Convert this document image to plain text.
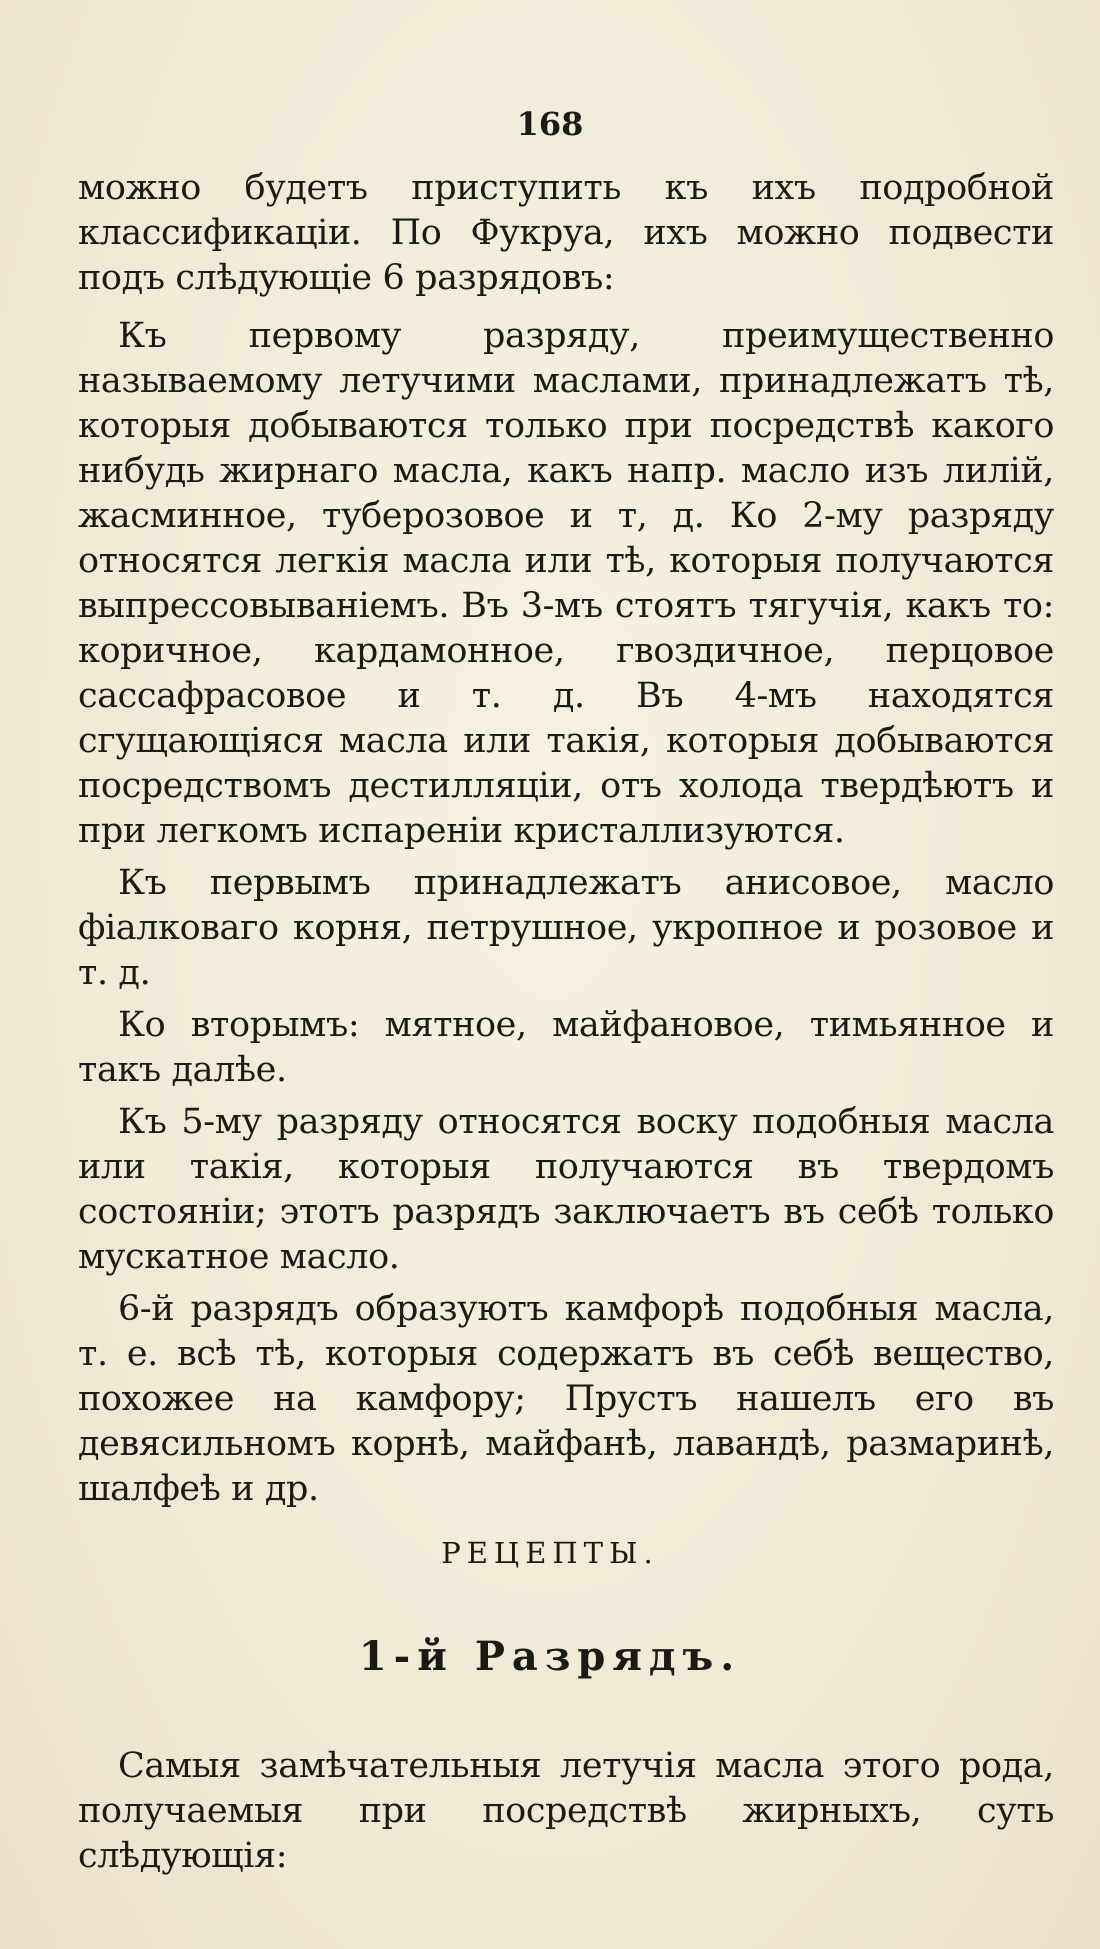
168

можно будетъ приступить къ ихъ подробной классификаціи. По Фукруа, ихъ можно подвести подъ слѣдующіе 6 разрядовъ:

Къ первому разряду, преимущественно называемому летучими маслами, принадлежатъ тѣ, которыя добываются только при посредствѣ какого нибудь жирнаго масла, какъ напр. масло изъ лилій, жасминное, туберозовое и т, д. Ко 2-му разряду относятся легкія масла или тѣ, которыя получаются выпрессовываніемъ. Въ 3-мъ стоятъ тягучія, какъ то: коричное, кардамонное, гвоздичное, перцовое сассафрасовое и т. д. Въ 4-мъ находятся сгущающіяся масла или такія, которыя добываются посредствомъ дестилляціи, отъ холода твердѣютъ и при легкомъ испареніи кристаллизуются.

Къ первымъ принадлежатъ анисовое, масло фіалковаго корня, петрушное, укропное и розовое и т. д.

Ко вторымъ: мятное, майфановое, тимьянное и такъ далѣе.

Къ 5-му разряду относятся воску подобныя масла или такія, которыя получаются въ твердомъ состояніи; этотъ разрядъ заключаетъ въ себѣ только мускатное масло.

6-й разрядъ образуютъ камфорѣ подобныя масла, т. е. всѣ тѣ, которыя содержатъ въ себѣ вещество, похожее на камфору; Прустъ нашелъ его въ девясильномъ корнѣ, майфанѣ, лавандѣ, размаринѣ, шалфеѣ и др.

РЕЦЕПТЫ.
1-й Разрядъ.

Самыя замѣчательныя летучія масла этого рода, получаемыя при посредствѣ жирныхъ, суть слѣдующія:
